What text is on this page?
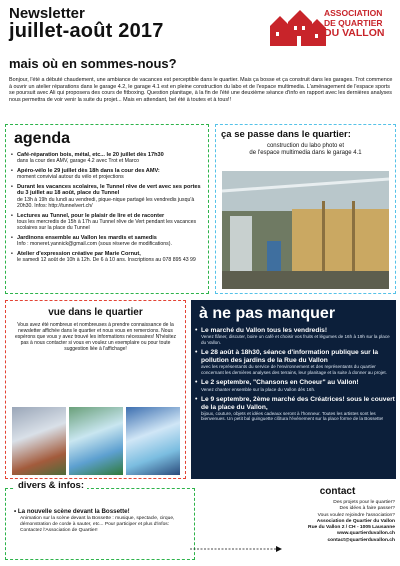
Newsletter
juillet-août 2017
mais où en sommes-nous?
ASSOCIATION
DE QUARTIER
DU VALLON
Bonjour, l'été a débuté chaudement, une ambiance de vacances est perceptible dans le quartier. Mais ça bosse et ça construit dans les garages. Trot commence à ouvrir un atelier réparations dans le garage 4.2, le garage 4.1 est en pleine construction du labo et de l'espace multimedia. L'aménagement de l'espace sports se poursuit avec Ali qui proposera des cours de fitboxing. Question planitage, à la fin de l'été une deuxième séance d'info en rapport avec les dernières analyses nous permettra de voir venir la suite du projet... Mais en attendant, bel été à toutes et à tous!!
agenda
• Café-réparation bois, métal, etc... le 20 juillet dès 17h30
dans la cour des AMV, garage 4.2 avec Trot et Marco
• Apéro-vélo le 29 juillet dès 18h dans la cour des AMV:
moment convivial autour du vélo et projections
• Durant les vacances scolaires, le Tunnel rêve de vert avec ses portes du 3 juillet au 18 août, place du Tunnel
de 13h à 19h du lundi au vendredi, pique-nique partagé les vendredis jusqu'à 20h30. Infos: http://tunnelvert.ch/
• Lectures au Tunnel, pour le plaisir de lire et de raconter
tous les mercredis de 15h à 17h au Tunnel rêve de Vert pendant les vacances scolaires sur la place du Tunnel
• Jardinons ensemble au Vallon les mardis et samedis
Info : moneret.yannick@gmail.com (sous réserve de modifications).
• Atelier d'expression créative par Marie Cornut,
le samedi 12 août de 10h à 12h. De 6 à 10 ans. Inscriptions au 078 895 43 99
ça se passe dans le quartier:
construction du labo photo et
de l'espace multimedia dans le garage 4.1
vue dans le quartier

Vous avez été nombreux et nombreuses à prendre connaissance de la newsletter affichée dans le quartier et nous vous en remercions. Nous espérons que vous y avez trouvé les informations nécessaires! N'hésitez pas à nous contacter si vous en voulez un exemplaire ou pour toute suggestion liée à l'affichage!

à ne pas manquer
• Le marché du Vallon tous les vendredis!
Venez flâner, discuter, boire un café et choisir vos fruits et légumes de 16h à 19h sur la place du Vallon.
• Le 28 août à 18h30, séance d'information publique sur la pollution des jardins de la Rue du Vallon
avec les représentants du service de l'environnement et des représentants du quartier concernant les dernières analyses des terrains, leur planitage et la suite à donner au projet.
• Le 2 septembre, "Chansons en Choeur" au Vallon!
Venez chanter ensemble sur la place du Vallon dès 16h.
• Le 9 septembre, 2ème marché des Créatrices! sous le couvert de la place du Vallon,
bijoux, couture, objets et idées cadeaux seront à l'honneur. Toutes les artistes sont les bienvenues. Un petit bal guinguette clôtura l'événement sur la place forme de la Bossette!
divers & infos:
• La nouvelle scène devant la Bossette!
Animation sur la scène devant la Bossette : musique, spectacle, cirque, démonstration de corde à sauter, etc... Pour participer et plus d'infos: Contactez l'Association de Quartier!
contact

Des projets pour le quartier?

Des idées à faire passer?

Vous voulez rejoindre l'association?

Association de Quartier du Vallon

Rue du Vallon 2 / CH - 1005 Lausanne

www.quartierduvallon.ch

contact@quartierduvallon.ch
